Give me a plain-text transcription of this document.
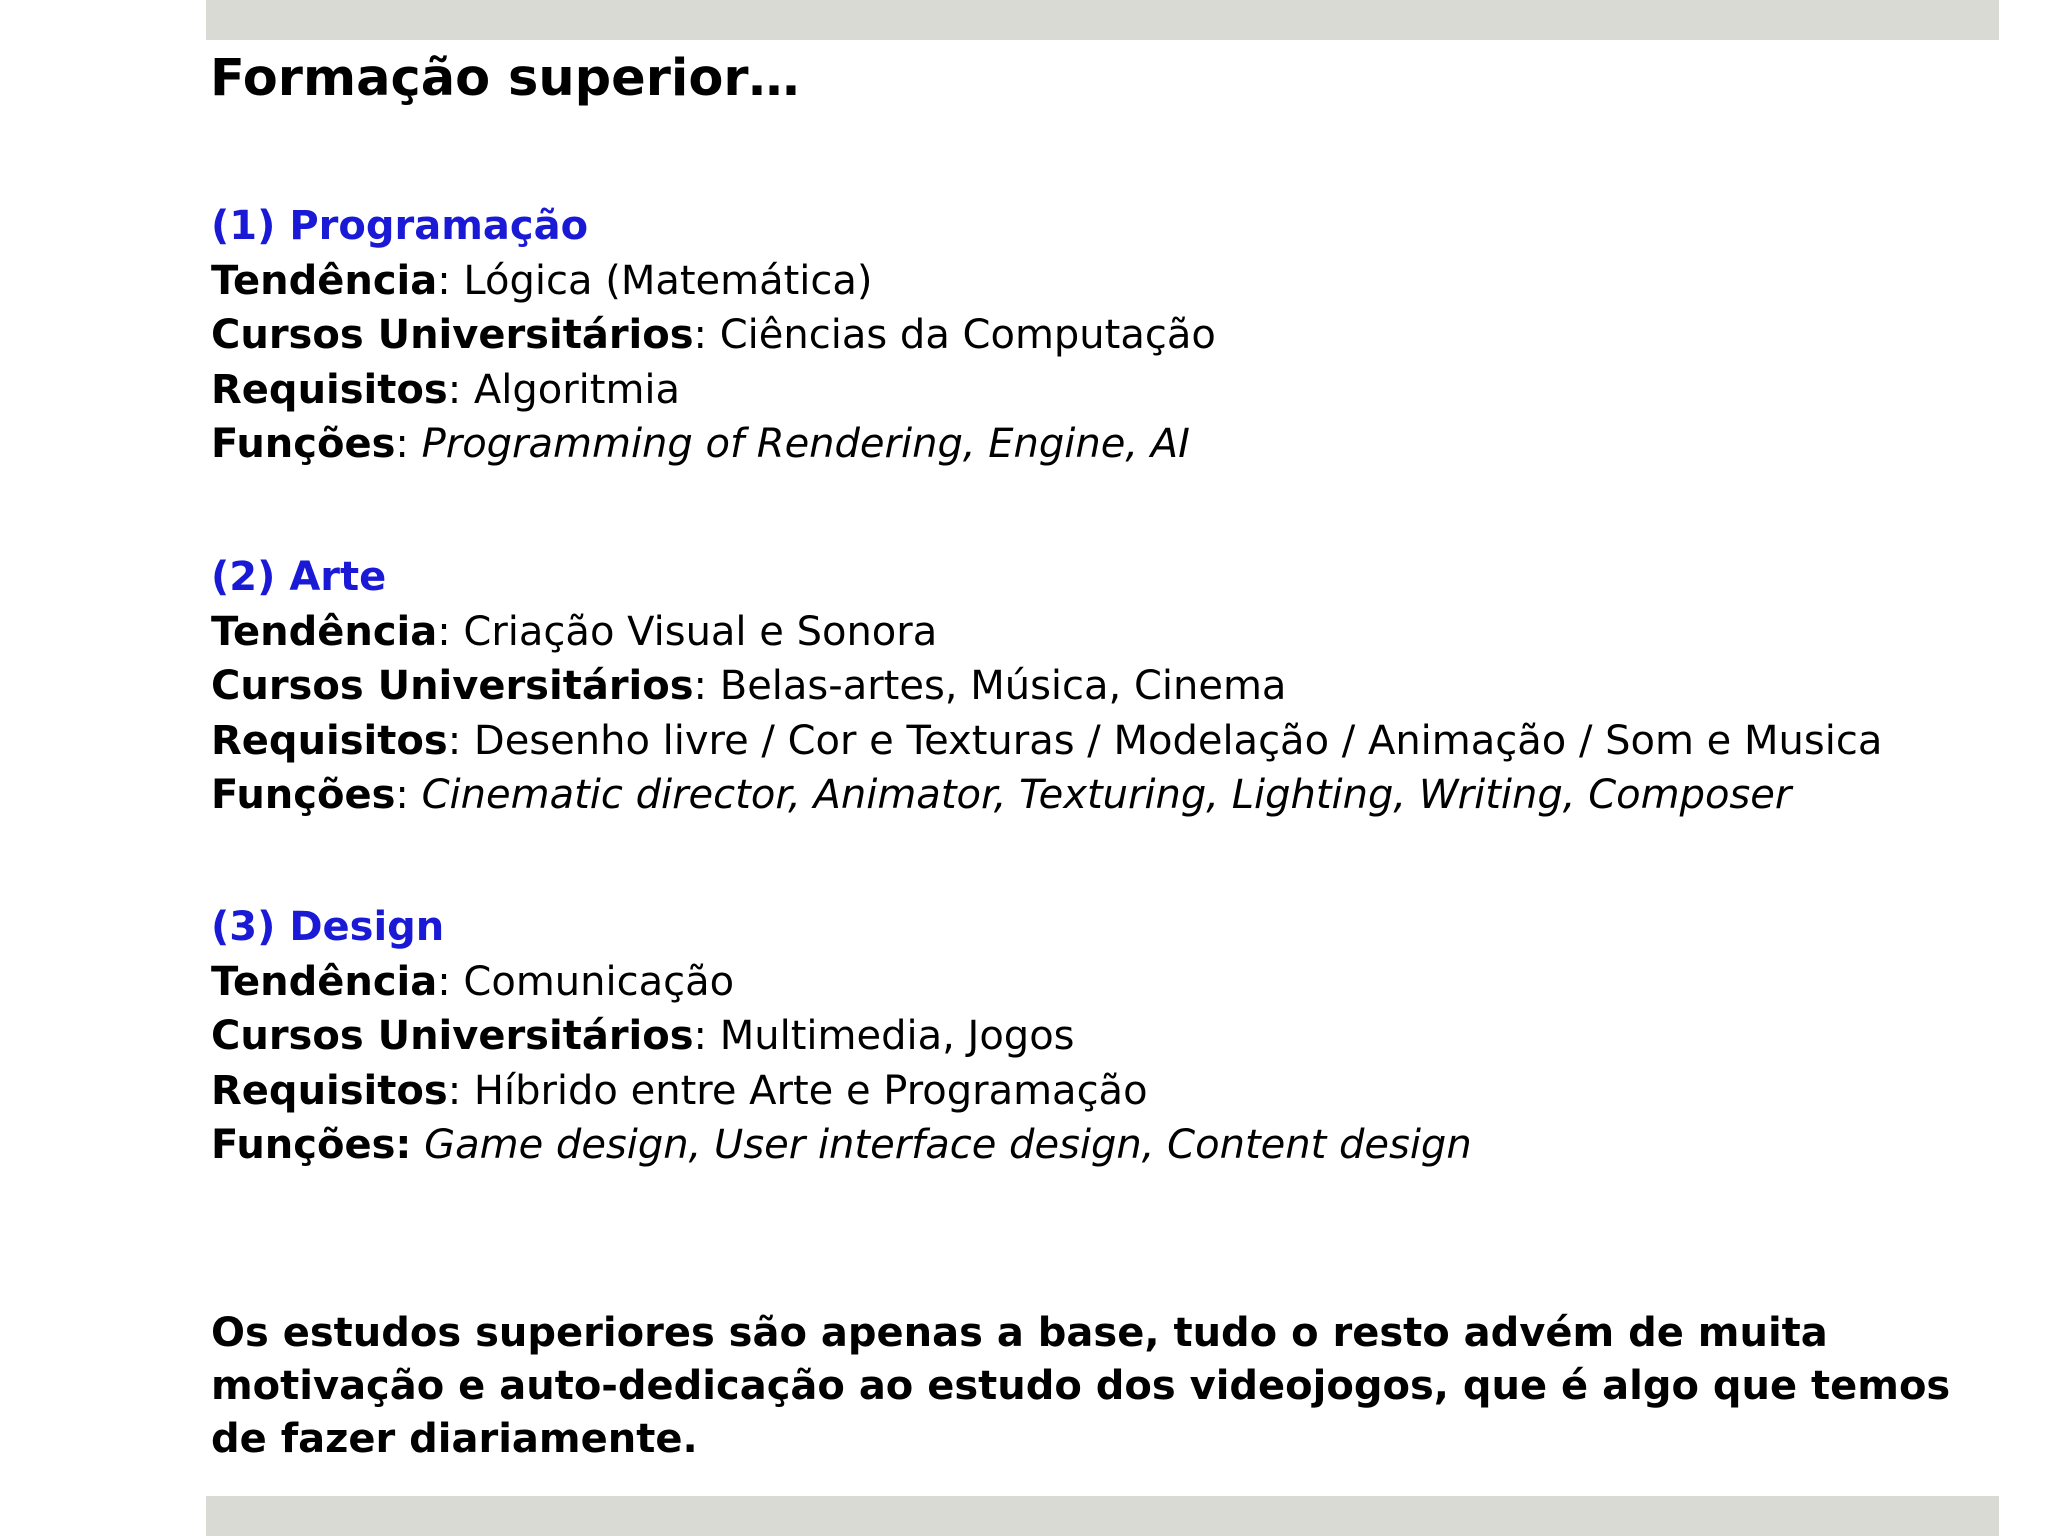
Formação superior…
(1) Programação
Tendência: Lógica (Matemática)
Cursos Universitários: Ciências da Computação
Requisitos: Algoritmia
Funções: Programming of Rendering, Engine, AI
(2) Arte
Tendência: Criação Visual e Sonora
Cursos Universitários: Belas-artes, Música, Cinema
Requisitos: Desenho livre / Cor e Texturas / Modelação / Animação / Som e Musica
Funções: Cinematic director, Animator, Texturing, Lighting, Writing, Composer
(3) Design
Tendência: Comunicação
Cursos Universitários: Multimedia, Jogos
Requisitos: Híbrido entre Arte e Programação
Funções: Game design, User interface design, Content design
Os estudos superiores são apenas a base, tudo o resto advém de muita motivação e auto-dedicação ao estudo dos videojogos, que é algo que temos de fazer diariamente.
